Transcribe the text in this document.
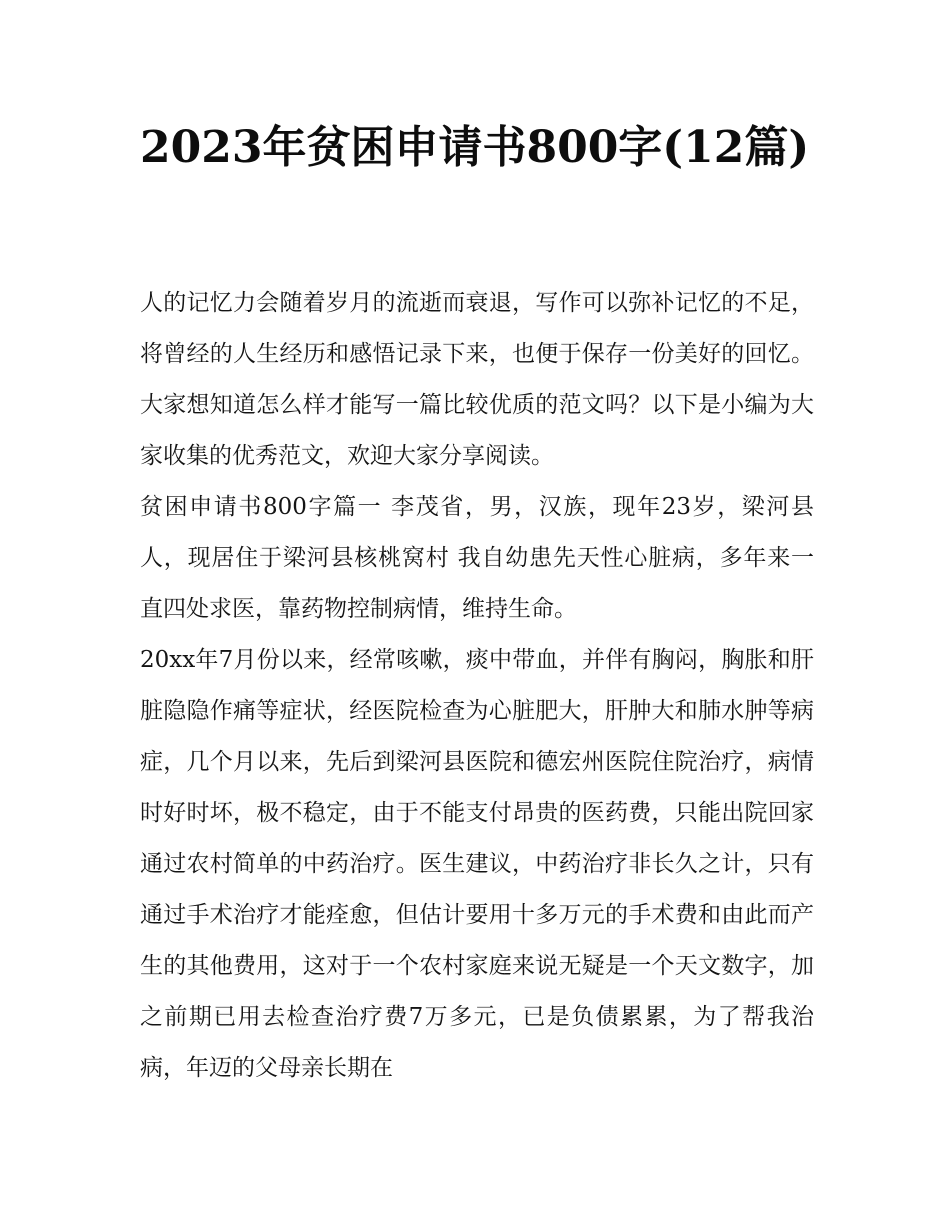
2023年贫困申请书800字(12篇)

人的记忆力会随着岁月的流逝而衰退，写作可以弥补记忆的不足，将曾经的人生经历和感悟记录下来，也便于保存一份美好的回忆。大家想知道怎么样才能写一篇比较优质的范文吗？以下是小编为大家收集的优秀范文，欢迎大家分享阅读。

贫困申请书800字篇一 李茂省，男，汉族，现年23岁，梁河县人，现居住于梁河县核桃窝村 我自幼患先天性心脏病，多年来一直四处求医，靠药物控制病情，维持生命。

20xx年7月份以来，经常咳嗽，痰中带血，并伴有胸闷，胸胀和肝脏隐隐作痛等症状，经医院检查为心脏肥大，肝肿大和肺水肿等病症，几个月以来，先后到梁河县医院和德宏州医院住院治疗，病情时好时坏，极不稳定，由于不能支付昂贵的医药费，只能出院回家通过农村简单的中药治疗。医生建议，中药治疗非长久之计，只有通过手术治疗才能痊愈，但估计要用十多万元的手术费和由此而产生的其他费用，这对于一个农村家庭来说无疑是一个天文数字，加之前期已用去检查治疗费7万多元，已是负债累累，为了帮我治病，年迈的父母亲长期在
